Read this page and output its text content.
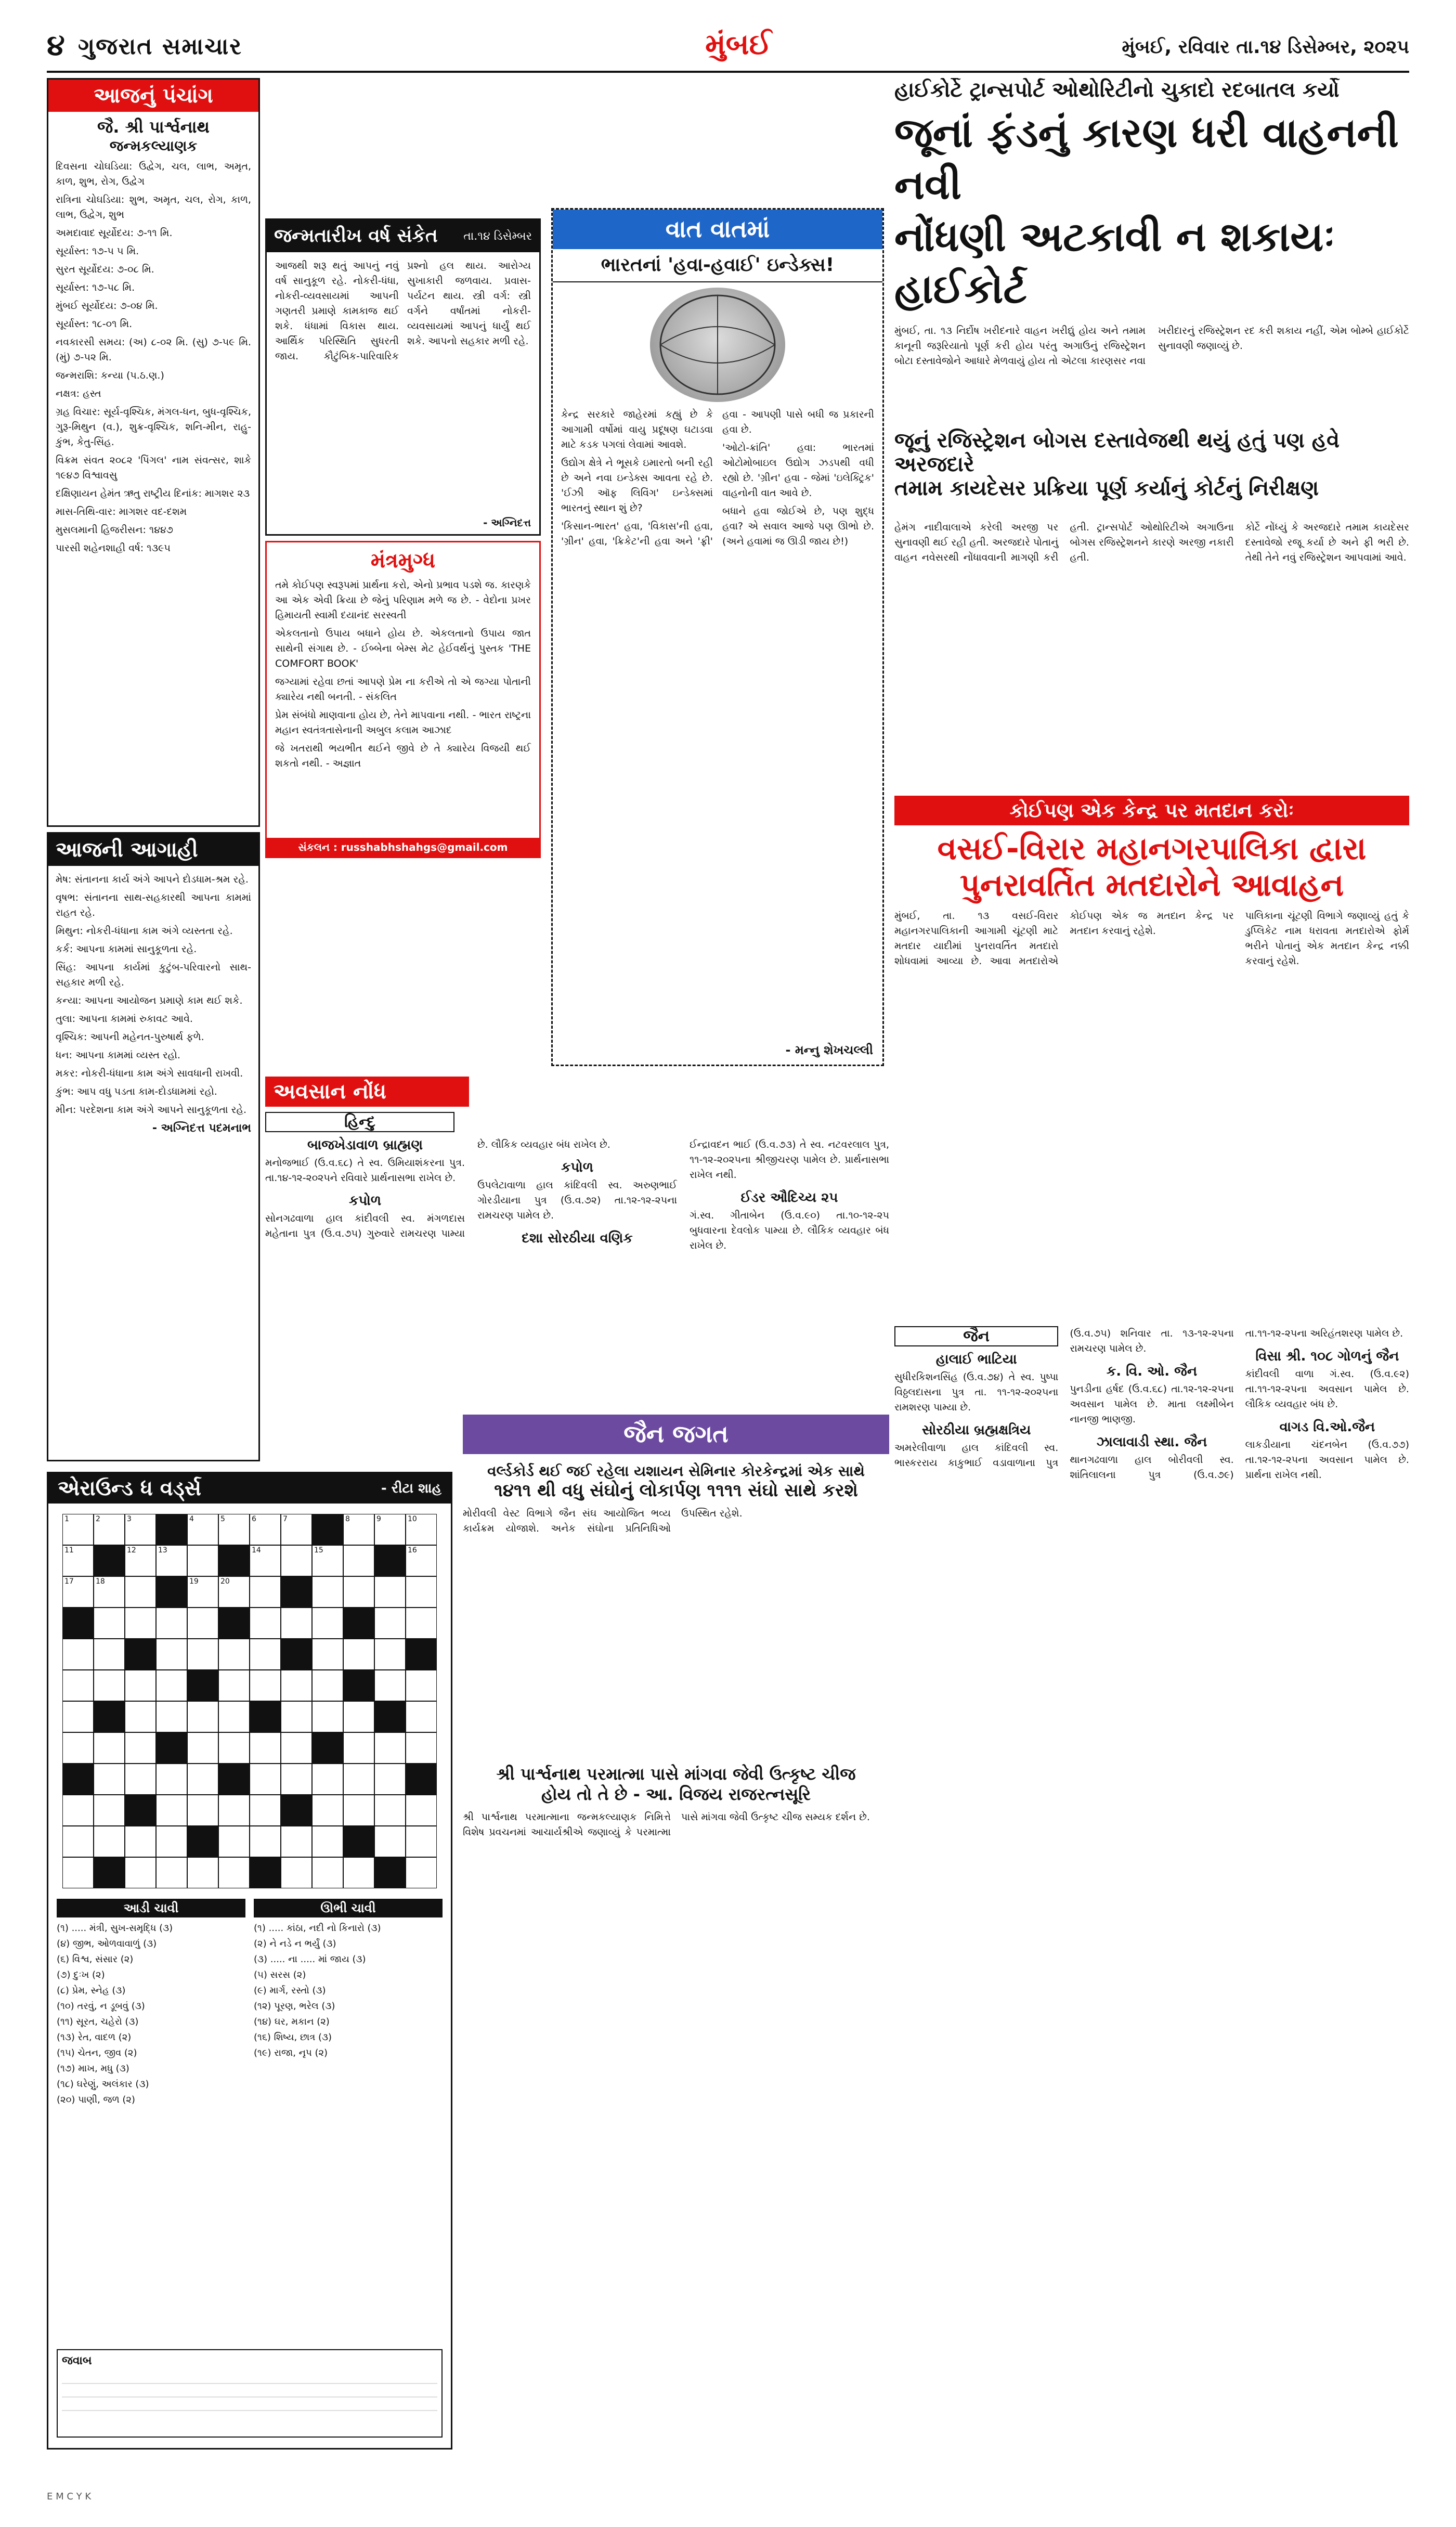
૪ ગુજરાત સમાચાર	મુંબઈ	મુંબઈ, રવિવાર તા.૧૪ ડિસેમ્બર, ૨૦૨૫
આજનું પંચાંગ
જૈ. શ્રી પાર્શ્વનાથ
જન્મકલ્યાણક

દિવસના ચોઘડિયા: ઉદ્વેગ, ચલ, લાભ, અમૃત, કાળ, શુભ, રોગ, ઉદ્વેગ

રાત્રિના ચોઘડિયા: શુભ, અમૃત, ચલ, રોગ, કાળ, લાભ, ઉદ્વેગ, શુભ

અમદાવાદ સૂર્યોદય: ૭-૧૧ મિ.

સૂર્યાસ્ત: ૧૭-૫ ૫ મિ.

સુરત સૂર્યોદય: ૭-૦૮ મિ.

સૂર્યાસ્ત: ૧૭-૫૮ મિ.

મુંબઈ સૂર્યોદય: ૭-૦૪ મિ.

સૂર્યાસ્ત: ૧૮-૦૧ મિ.

નવકારસી સમય: (અ) ૮-૦૨ મિ. (સુ) ૭-૫૯ મિ. (મું) ૭-૫૨ મિ.

જન્મરાશિ: કન્યા (પ.ઠ.ણ.)

નક્ષત્ર: હસ્ત

ગ્રહ વિચાર: સૂર્ય-વૃશ્ચિક, મંગલ-ધન, બુધ-વૃશ્ચિક, ગુરૂ-મિથુન (વ.), શુક્ર-વૃશ્ચિક, શનિ-મીન, રાહુ-કુંભ, કેતુ-સિંહ.

વિક્રમ સંવત ૨૦૮૨ 'પિંગલ' નામ સંવત્સર, શાકે ૧૯૪૭ વિશ્વાવસુ

દક્ષિણાયન હેમંત ઋતુ રાષ્ટ્રીય દિનાંક: માગશર ૨૩

માસ-તિથિ-વાર: માગશર વદ-દશમ

મુસલમાની હિજરીસન: ૧૪૪૭

પારસી શહેનશાહી વર્ષ: ૧૩૯૫

આજની આગાહી

મેષ: સંતાનના કાર્ય અંગે આપને દોડધામ-શ્રમ રહે.

વૃષભ: સંતાનના સાથ-સહકારથી આપના કામમાં રાહત રહે.

મિથુન: નોકરી-ધંધાના કામ અંગે વ્યસ્તતા રહે.

કર્ક: આપના કામમાં સાનુકૂળતા રહે.

સિંહ: આપના કાર્યમાં કુટુંબ-પરિવારનો સાથ-સહકાર મળી રહે.

કન્યા: આપના આયોજન પ્રમાણે કામ થઈ શકે.

તુલા: આપના કામમાં રુકાવટ આવે.

વૃશ્ચિક: આપની મહેનત-પુરુષાર્થ ફળે.

ધન: આપના કામમાં વ્યસ્ત રહો.

મકર: નોકરી-ધંધાના કામ અંગે સાવધાની રાખવી.

કુંભ: આપ વધુ પડતા કામ-દોડધામમાં રહો.

મીન: પરદેશના કામ અંગે આપને સાનુકૂળતા રહે.

- અગ્નિદત્ત પદમનાભ
એરાઉન્ડ ધ વર્ડ્સ	- રીટા શાહ
1	2	3	4	5	6	7	8	9	10
11	12	13	14	15	16
17	18	19	20
આડી ચાવી

(૧) ..... મંત્રી, સુખ-સમૃદ્ધિ (૩)

(૪) જીભ, ઓળવાવાળું (૩)

(૬) વિશ્વ, સંસાર (૨)

(૭) દુઃખ (૨)

(૮) પ્રેમ, સ્નેહ (૩)

(૧૦) તરવું, ન ડૂબવું (૩)

(૧૧) સૂરત, ચહેરો (૩)

(૧૩) રેત, વાદળ (૨)

(૧૫) ચેતન, જીવ (૨)

(૧૭) માખ, મધુ (૩)

(૧૮) ઘરેણું, અલંકાર (૩)

(૨૦) પાણી, જળ (૨)

ઊભી ચાવી

(૧) ..... કાંઠા, નદી નો કિનારો (૩)

(૨) ને નડે ન ભર્યું (૩)

(૩) ..... ના ..... માં જાય (૩)

(૫) સરસ (૨)

(૯) માર્ગ, રસ્તો (૩)

(૧૨) પૂરણ, ભરેલ (૩)

(૧૪) ઘર, મકાન (૨)

(૧૬) શિષ્ય, છાત્ર (૩)

(૧૯) રાજા, નૃપ (૨)

જવાબ
જન્મતારીખ વર્ષ સંકેત તા.૧૪ ડિસેમ્બર

આજથી શરૂ થતું આપનું નવું વર્ષ સાનુકૂળ રહે. નોકરી-ધંધા, નોકરી-વ્યવસાયમાં આપની ગણતરી પ્રમાણે કામકાજ થઈ શકે. ધંધામાં વિકાસ થાય. આર્થિક પરિસ્થિતિ સુધરતી જાય. કૌટુંબિક-પારિવારિક પ્રશ્નો હલ થાય. આરોગ્ય સુખાકારી જળવાય. પ્રવાસ-પર્યટન થાય. સ્ત્રી વર્ગ: સ્ત્રી વર્ગને વર્ષાંતમાં નોકરી-વ્યવસાયમાં આપનું ધાર્યું થઈ શકે. આપનો સહકાર મળી રહે.

- અગ્નિદત્ત
મંત્રમુગ્ધ

તમે કોઈપણ સ્વરૂપમાં પ્રાર્થના કરો, એનો પ્રભાવ પડશે જ. કારણકે આ એક એવી ક્રિયા છે જેનું પરિણામ મળે જ છે. - વેદોના પ્રખર હિમાયતી સ્વામી દયાનંદ સરસ્વતી

એકલતાનો ઉપાય બધાને હોય છે. એકલતાનો ઉપાય જાત સાથેની સંગાથ છે. - ઈબ્બેના બેમ્સ મેટ હેઈવર્થનું પુસ્તક 'THE COMFORT BOOK'

જગ્યામાં રહેવા છતાં આપણે પ્રેમ ના કરીએ તો એ જગ્યા પોતાની ક્યારેય નથી બનતી. - સંકલિત

પ્રેમ સંબંધો માણવાના હોય છે, તેને માપવાના નથી. - ભારત રાષ્ટ્રના મહાન સ્વતંત્રતાસેનાની અબુલ કલામ આઝાદ

જે ખતરાથી ભયભીત થઈને જીવે છે તે ક્યારેય વિજયી થઈ શકતો નથી. - અજ્ઞાત

સંકલન : russhabhshahgs@gmail.com
વાત વાતમાં
ભારતનાં 'હવા-હવાઈ' ઇન્ડેક્સ!

કેન્દ્ર સરકારે જાહેરમાં કહ્યું છે કે આગામી વર્ષોમાં વાયુ પ્રદૂષણ ઘટાડવા માટે કડક પગલાં લેવામાં આવશે.

ઉદ્યોગ ક્ષેત્રે ને ભૂસકે ઇમારતો બની રહી છે અને નવા ઇન્ડેક્સ આવતા રહે છે. 'ઈઝી ઑફ લિવિંગ' ઇન્ડેક્સમાં ભારતનું સ્થાન શું છે?

'કિસાન-ભારત' હવા, 'વિકાસ'ની હવા, 'ગ્રીન' હવા, 'ક્રિકેટ'ની હવા અને 'ફ્રી' હવા - આપણી પાસે બધી જ પ્રકારની હવા છે.

'ઓટો-ક્રાંતિ' હવા: ભારતમાં ઓટોમોબાઇલ ઉદ્યોગ ઝડપથી વધી રહ્યો છે. 'ગ્રીન' હવા - જેમાં 'ઇલેક્ટ્રિક' વાહનોની વાત આવે છે.

બધાને હવા જોઈએ છે, પણ શુદ્ધ હવા? એ સવાલ આજે પણ ઊભો છે. (અને હવામાં જ ઊડી જાય છે!)

- મન્નુ શેખચલ્લી
અવસાન નોંધ
હિન્દુ
બાજખેડાવાળ બ્રાહ્મણ

મનોજભાઈ (ઉ.વ.૬૮) તે સ્વ. ઉમિયાશંકરના પુત્ર. તા.૧૪-૧૨-૨૦૨૫ને રવિવારે પ્રાર્થનાસભા રાખેલ છે.

કપોળ

સોનગઢવાળા હાલ કાંદીવલી સ્વ. મંગળદાસ મહેતાના પુત્ર (ઉ.વ.૭૫) ગુરુવારે રામચરણ પામ્યા છે. લૌકિક વ્યવહાર બંધ રાખેલ છે.

કપોળ

ઉપલેટાવાળા હાલ કાંદિવલી સ્વ. અરુણભાઈ ગોરડીયાના પુત્ર (ઉ.વ.૭૨) તા.૧૨-૧૨-૨૫ના રામચરણ પામેલ છે.

દશા સોરઠીયા વણિક

ઈન્દ્રાવદન ભાઈ (ઉ.વ.૭૩) તે સ્વ. નટવરલાલ પુત્ર, ૧૧-૧૨-૨૦૨૫ના શ્રીજીચરણ પામેલ છે. પ્રાર્થનાસભા રાખેલ નથી.

ઈડર ઔદિચ્ય ૨૫

ગં.સ્વ. ગીતાબેન (ઉ.વ.૯૦) તા.૧૦-૧૨-૨૫ બુધવારના દેવલોક પામ્યા છે. લૌકિક વ્યવહાર બંધ રાખેલ છે.

જૈન જગત
વર્લ્ડકોર્ડ થઈ જઈ રહેલા યશાયન સેમિનાર કોરકેન્દ્રમાં એક સાથે
૧૪૧૧ થી વધુ સંઘોનું લોકાર્પણ ૧૧૧૧ સંઘો સાથે કરશે

મોરીવલી વેસ્ટ વિભાગે જૈન સંઘ આયોજિત ભવ્ય કાર્યક્રમ યોજાશે. અનેક સંઘોના પ્રતિનિધિઓ ઉપસ્થિત રહેશે.

શ્રી પાર્શ્વનાથ પરમાત્મા પાસે માંગવા જેવી ઉત્કૃષ્ટ ચીજ
હોય તો તે છે - આ. વિજય રાજરત્નસૂરિ

શ્રી પાર્શ્વનાથ પરમાત્માના જન્મકલ્યાણક નિમિત્તે વિશેષ પ્રવચનમાં આચાર્યશ્રીએ જણાવ્યું કે પરમાત્મા પાસે માંગવા જેવી ઉત્કૃષ્ટ ચીજ સમ્યક દર્શન છે.

હાઈકોર્ટે ટ્રાન્સપોર્ટ ઓથોરિટીનો ચુકાદો રદબાતલ કર્યો
જૂનાં ફંડનું કારણ ધરી વાહનની નવી
નોંધણી અટકાવી ન શકાયઃ હાઈકોર્ટ

મુંબઈ, તા. ૧૩ નિર્દોષ ખરીદનારે વાહન ખરીદ્યું હોય અને તમામ કાનૂની જરૂરિયાતો પૂર્ણ કરી હોય પરંતુ અગાઉનું રજિસ્ટ્રેશન બોટા દસ્તાવેજોને આધારે મેળવાયું હોય તો એટલા કારણસર નવા ખરીદારનું રજિસ્ટ્રેશન રદ કરી શકાય નહીં, એમ બોમ્બે હાઈકોર્ટે સુનાવણી જણાવ્યું છે.

જૂનું રજિસ્ટ્રેશન બોગસ દસ્તાવેજથી થયું હતું પણ હવે અરજદારે
તમામ કાયદેસર પ્રક્રિયા પૂર્ણ કર્યાનું કોર્ટનું નિરીક્ષણ

હેમંગ નાદીવાલાએ કરેલી અરજી પર સુનાવણી થઈ રહી હતી. અરજદારે પોતાનું વાહન નવેસરથી નોંધાવવાની માગણી કરી હતી. ટ્રાન્સપોર્ટ ઓથોરિટીએ અગાઉના બોગસ રજિસ્ટ્રેશનને કારણે અરજી નકારી હતી.

કોર્ટે નોંધ્યું કે અરજદારે તમામ કાયદેસર દસ્તાવેજો રજૂ કર્યા છે અને ફી ભરી છે. તેથી તેને નવું રજિસ્ટ્રેશન આપવામાં આવે.

કોઈપણ એક કેન્દ્ર પર મતદાન કરોઃ
વસઈ-વિરાર મહાનગરપાલિકા દ્વારા
પુનરાવર્તિત મતદારોને આવાહન

મુંબઈ, તા. ૧૩ વસઈ-વિરાર મહાનગરપાલિકાની આગામી ચૂંટણી માટે મતદાર યાદીમાં પુનરાવર્તિત મતદારો શોધવામાં આવ્યા છે. આવા મતદારોએ કોઈપણ એક જ મતદાન કેન્દ્ર પર મતદાન કરવાનું રહેશે.

પાલિકાના ચૂંટણી વિભાગે જણાવ્યું હતું કે ડુપ્લિકેટ નામ ધરાવતા મતદારોએ ફોર્મ ભરીને પોતાનું એક મતદાન કેન્દ્ર નક્કી કરવાનું રહેશે.

જૈન
હાલાઈ ભાટિયા

સુધીરકિશનસિંહ (ઉ.વ.૭૪) તે સ્વ. પુષ્પા વિઠ્ઠલદાસના પુત્ર તા. ૧૧-૧૨-૨૦૨૫ના રામશરણ પામ્યા છે.

સોરઠીયા બ્રહ્મક્ષત્રિય

અમરેલીવાળા હાલ કાંદિવલી સ્વ. ભાસ્કરરાય કાકુભાઈ વડાવાળાના પુત્ર (ઉ.વ.૭૫) શનિવાર તા. ૧૩-૧૨-૨૫ના રામચરણ પામેલ છે.

ક. વિ. ઓ. જૈન

પુનડીના હર્ષદ (ઉ.વ.૬૮) તા.૧૨-૧૨-૨૫ના અવસાન પામેલ છે. માતા લક્ષ્મીબેન નાનજી ભાણજી.

ઝાલાવાડી સ્થા. જૈન

થાનગઢવાળા હાલ બોરીવલી સ્વ. શાંતિલાલના પુત્ર (ઉ.વ.૭૯) તા.૧૧-૧૨-૨૫ના અરિહંતશરણ પામેલ છે.

વિસા શ્રી. ૧૦૮ ગોળનું જૈન

કાંદીવલી વાળા ગં.સ્વ. (ઉ.વ.૯૨) તા.૧૧-૧૨-૨૫ના અવસાન પામેલ છે. લૌકિક વ્યવહાર બંધ છે.

વાગડ વિ.ઓ.જૈન

લાકડીયાના ચંદનબેન (ઉ.વ.૭૭) તા.૧૨-૧૨-૨૫ના અવસાન પામેલ છે. પ્રાર્થના રાખેલ નથી.

E M C Y K
